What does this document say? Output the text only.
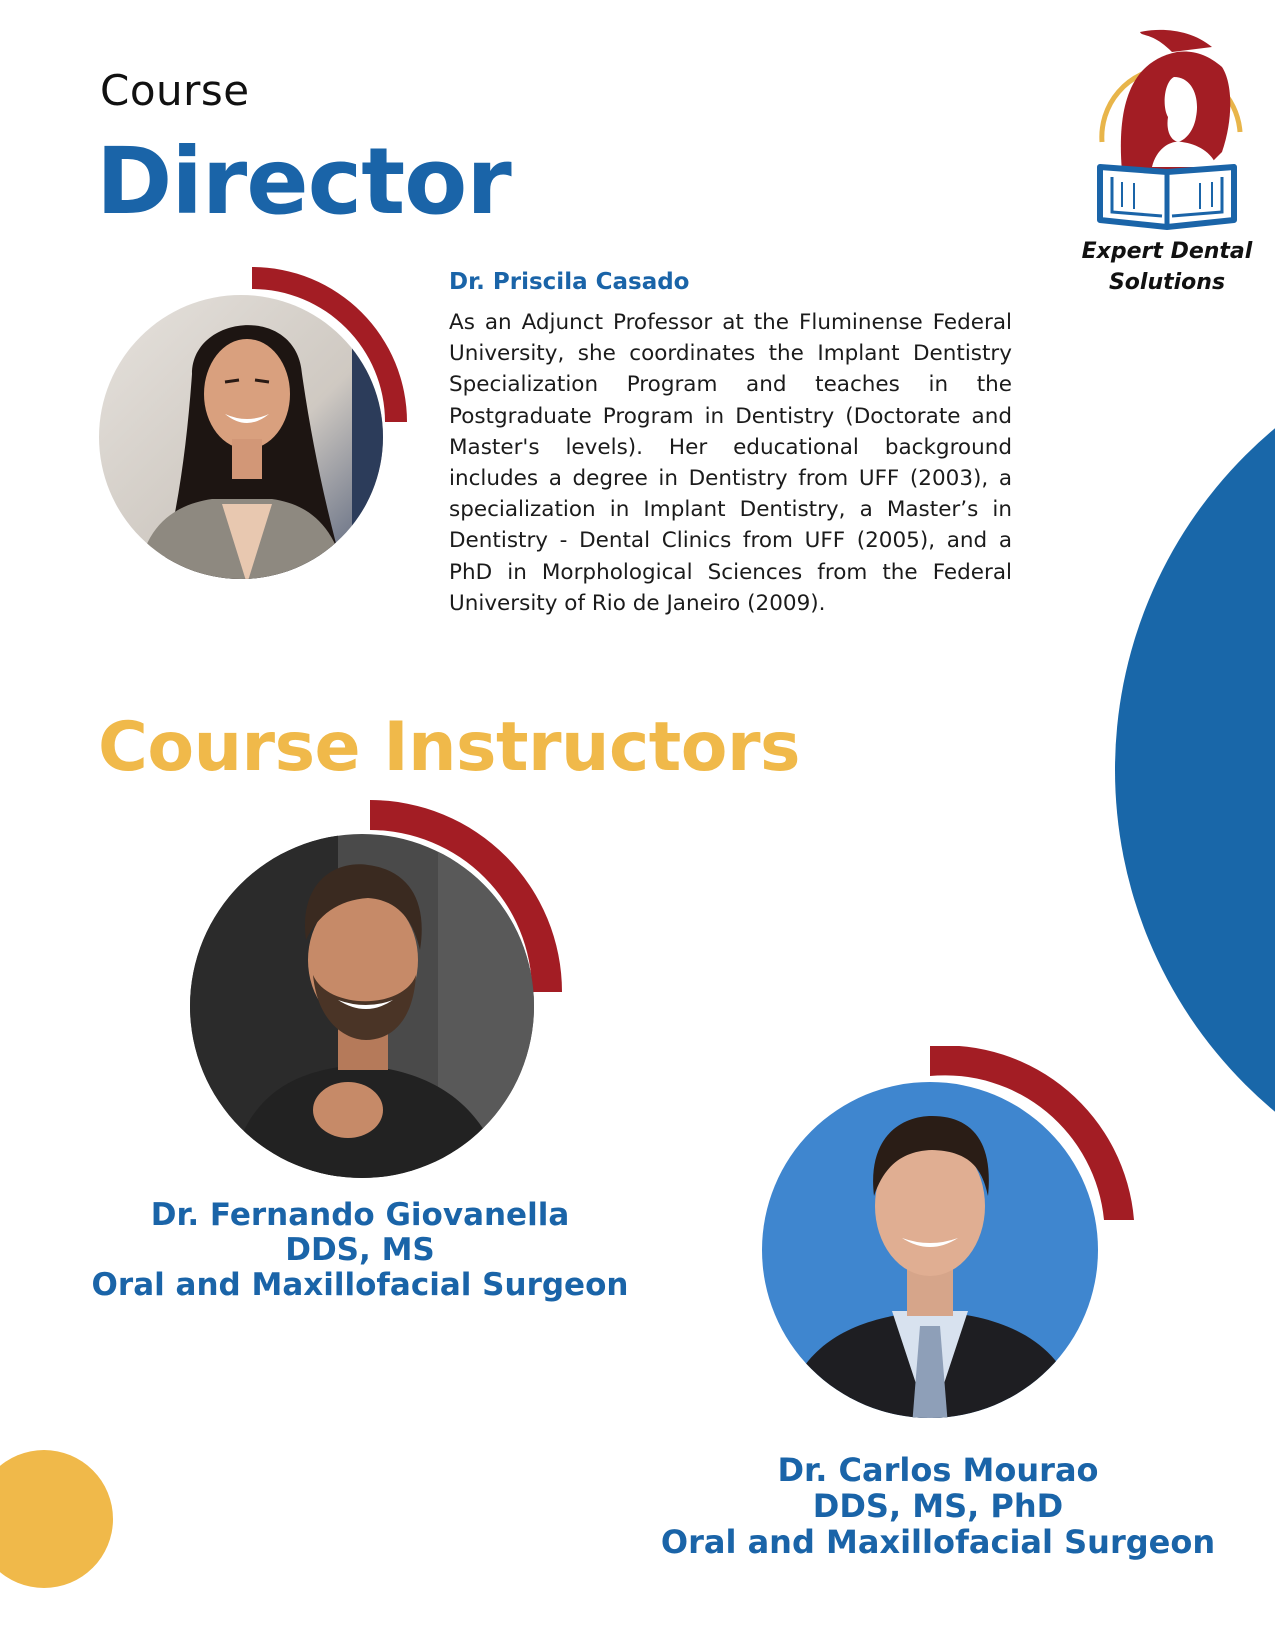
Course
Director
Expert Dental
Solutions
Dr. Priscila Casado
As an Adjunct Professor at the Fluminense Federal University, she coordinates the Implant Dentistry Specialization Program and teaches in the Postgraduate Program in Dentistry (Doctorate and Master's levels). Her educational background includes a degree in Dentistry from UFF (2003), a specialization in Implant Dentistry, a Master’s in Dentistry - Dental Clinics from UFF (2005), and a PhD in Morphological Sciences from the Federal University of Rio de Janeiro (2009).
Course Instructors
Dr. Fernando Giovanella
DDS, MS
Oral and Maxillofacial Surgeon
Dr. Carlos Mourao
DDS, MS, PhD
Oral and Maxillofacial Surgeon
